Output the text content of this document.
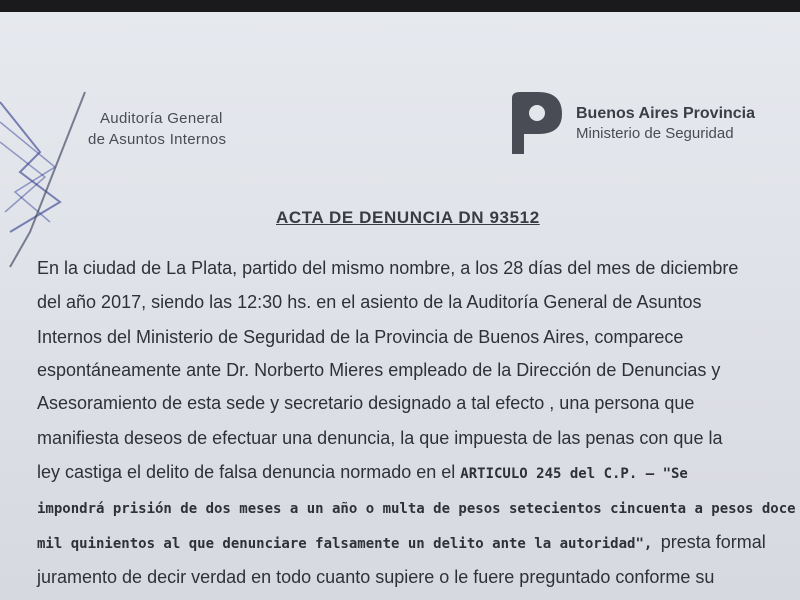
Auditoría General
de Asuntos Internos
Buenos Aires Provincia
Ministerio de Seguridad
ACTA DE DENUNCIA DN 93512
En la ciudad de La Plata, partido del mismo nombre, a los 28 días del mes de diciembre
del año 2017, siendo las 12:30 hs. en el asiento de la Auditoría General de Asuntos
Internos del Ministerio de Seguridad de la Provincia de Buenos Aires, comparece
espontáneamente ante Dr. Norberto Mieres empleado de la Dirección de Denuncias y
Asesoramiento de esta sede y secretario designado a tal efecto , una persona que
manifiesta deseos de efectuar una denuncia, la que impuesta de las penas con que la
ley castiga el delito de falsa denuncia normado en el ARTICULO 245 del C.P. – "Se
impondrá prisión de dos meses a un año o multa de pesos setecientos cincuenta a pesos doce
mil quinientos al que denunciare falsamente un delito ante la autoridad", presta formal
juramento de decir verdad en todo cuanto supiere o le fuere preguntado conforme su
